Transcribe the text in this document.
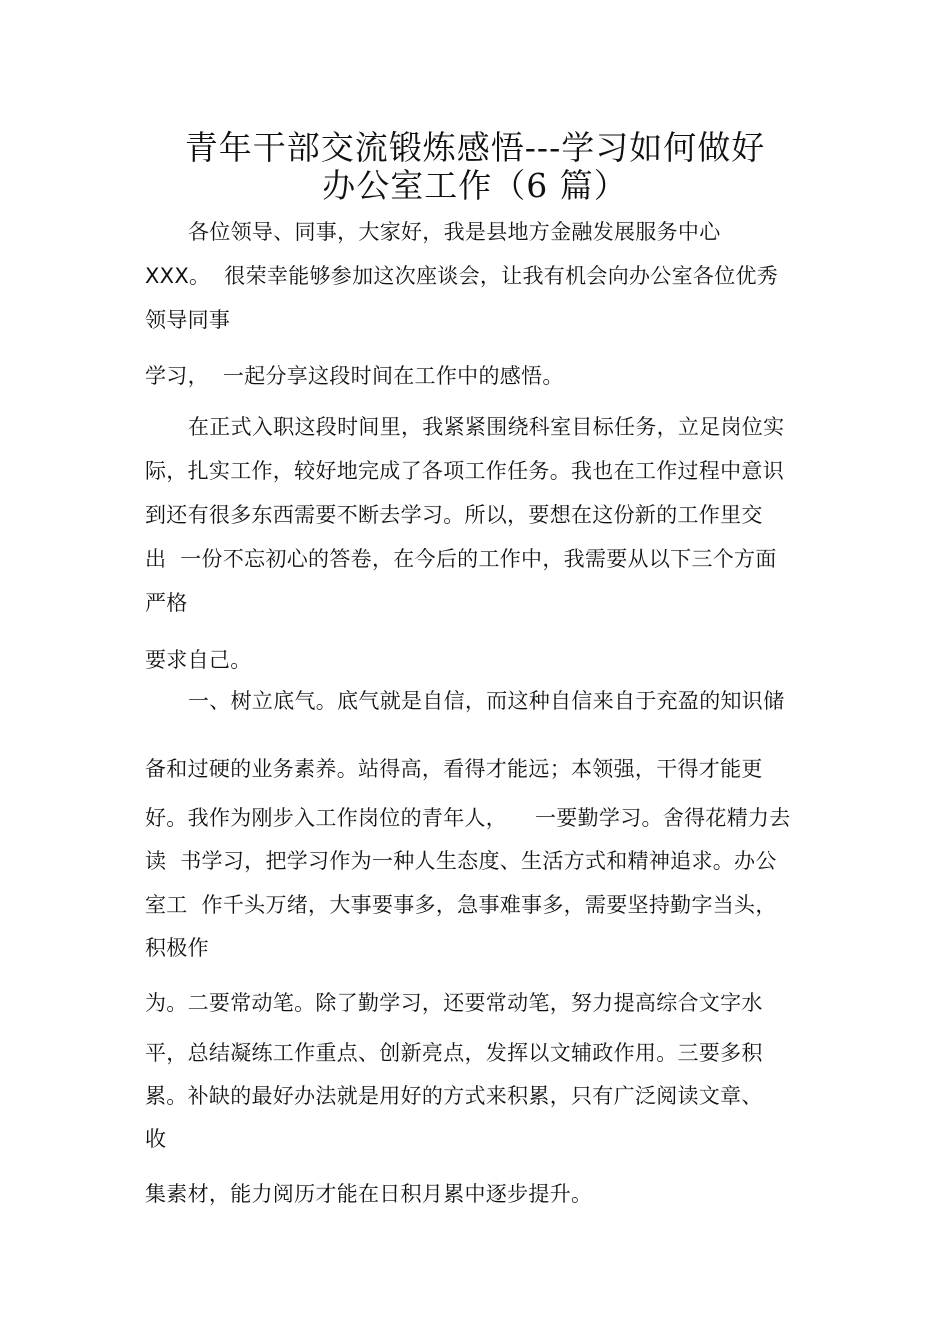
青年干部交流锻炼感悟---学习如何做好
办公室工作（6 篇）
各位领导、同事，大家好，我是县地方金融发展服务中心
XXX。  很荣幸能够参加这次座谈会，让我有机会向办公室各位优秀
领导同事
学习，  一起分享这段时间在工作中的感悟。
在正式入职这段时间里，我紧紧围绕科室目标任务，立足岗位实
际，扎实工作，较好地完成了各项工作任务。我也在工作过程中意识
到还有很多东西需要不断去学习。所以，要想在这份新的工作里交
出  一份不忘初心的答卷，在今后的工作中，我需要从以下三个方面
严格
要求自己。
一、树立底气。底气就是自信，而这种自信来自于充盈的知识储
备和过硬的业务素养。站得高，看得才能远；本领强，干得才能更
好。我作为刚步入工作岗位的青年人，    一要勤学习。舍得花精力去
读  书学习，把学习作为一种人生态度、生活方式和精神追求。办公
室工  作千头万绪，大事要事多，急事难事多，需要坚持勤字当头，
积极作
为。二要常动笔。除了勤学习，还要常动笔，努力提高综合文字水
平，总结凝练工作重点、创新亮点，发挥以文辅政作用。三要多积
累。补缺的最好办法就是用好的方式来积累，只有广泛阅读文章、
收
集素材，能力阅历才能在日积月累中逐步提升。
